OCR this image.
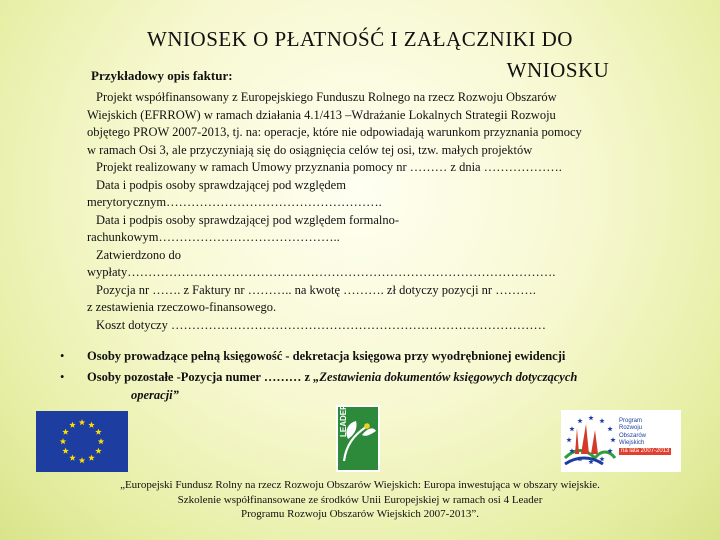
WNIOSEK O PŁATNOŚĆ I ZAŁĄCZNIKI DO
WNIOSKU
Przykładowy opis faktur:

Projekt współfinansowany z Europejskiego Funduszu Rolnego na rzecz Rozwoju Obszarów

Wiejskich (EFRROW) w ramach działania 4.1/413 –Wdrażanie Lokalnych Strategii Rozwoju

objętego PROW 2007-2013, tj. na: operacje, które nie odpowiadają warunkom przyznania pomocy

w ramach Osi 3, ale przyczyniają się do osiągnięcia celów tej osi, tzw. małych projektów

Projekt realizowany w ramach Umowy przyznania pomocy nr ……… z dnia ……………….

Data i podpis osoby sprawdzającej pod względem

merytorycznym…………………………………………….

Data i podpis osoby sprawdzającej pod względem formalno-

rachunkowym……………………………………..

Zatwierdzono do

wypłaty………………………………………………………………………………………….

Pozycja nr ……. z Faktury nr ……….. na kwotę ………. zł dotyczy pozycji nr ……….

z zestawienia rzeczowo-finansowego.

Koszt dotyczy ………………………………………………………………………………

• Osoby prowadzące pełną księgowość - dekretacja księgowa przy wyodrębnionej ewidencji
• Osoby pozostałe -Pozycja numer ……… z „Zestawienia dokumentów księgowych dotyczących
operacji”
LEADER	Program
Rozwoju
Obszarów
Wiejskich
na lata 2007-2013

„Europejski Fundusz Rolny na rzecz Rozwoju Obszarów Wiejskich: Europa inwestująca w obszary wiejskie.

Szkolenie współfinansowane ze środków Unii Europejskiej w ramach osi 4 Leader

Programu Rozwoju Obszarów Wiejskich 2007-2013”.
